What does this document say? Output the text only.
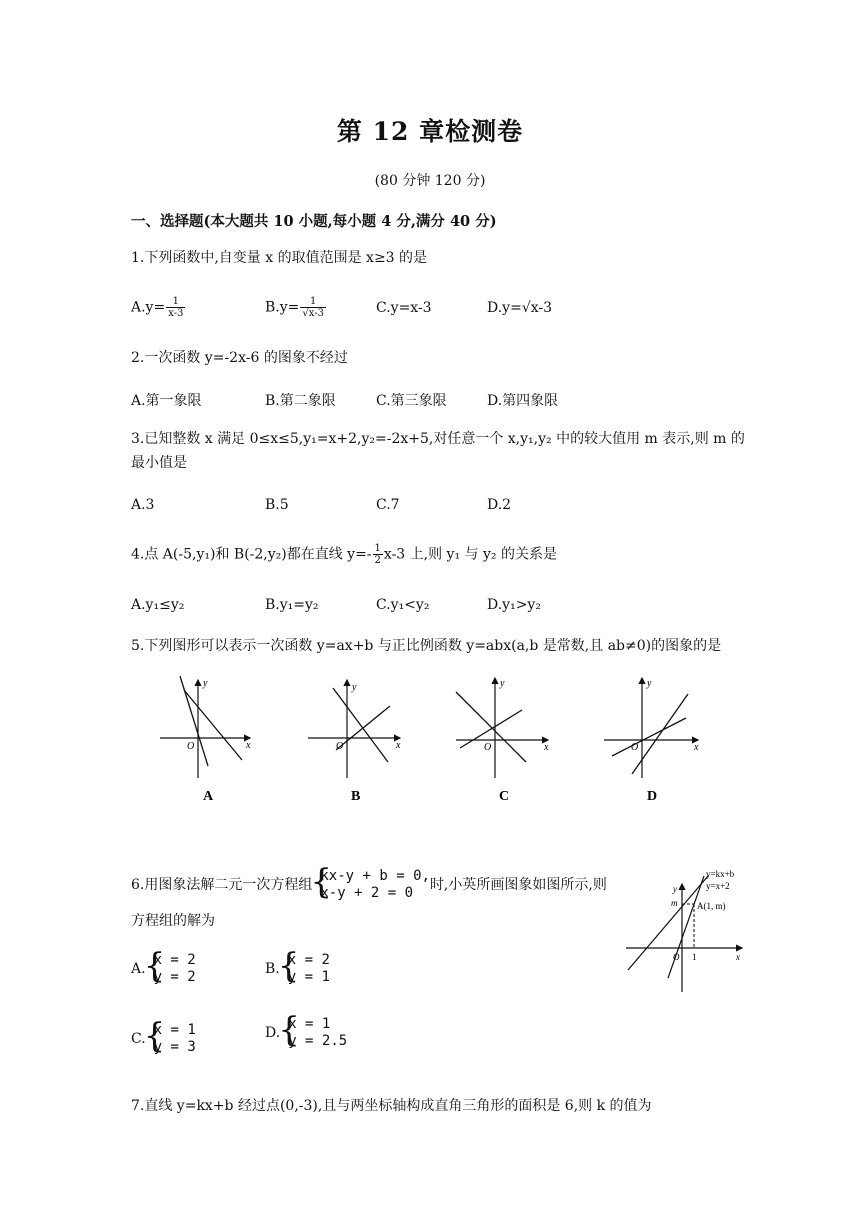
第 12 章检测卷
(80 分钟 120 分)
一、选择题(本大题共 10 小题,每小题 4 分,满分 40 分)
1.下列函数中,自变量 x 的取值范围是 x≥3 的是
$A.y= \frac{1}{x-3}$	$B.y= \frac{1}{√x-3}$	C.y=x-3	D.y=√x-3
2.一次函数 y=-2x-6 的图象不经过
A.第一象限	B.第二象限	C.第三象限	D.第四象限
3.已知整数 x 满足 0≤x≤5,y₁=x+2,y₂=-2x+5,对任意一个 x,y₁,y₂ 中的较大值用 m 表示,则 m 的
最小值是
A.3	B.5	C.7	D.2
4.点 A(-5,y₁)和 B(-2,y₂)都在直线 $y=- \frac{1}{2} x-3$ 上,则 y₁ 与 y₂ 的关系是
A.y₁≤y₂	B.y₁=y₂	C.y₁<y₂	D.y₁>y₂
5.下列图形可以表示一次函数 y=ax+b 与正比例函数 y=abx(a,b 是常数,且 ab≠0)的图象的是
y
x
O
y
x
O
y
x
O
y
x
O
A	B	C	D
6.用图象法解二元一次方程组
{ kx-y + b = 0,
x-y + 2 = 0	时,小英所画图象如图所示,则
方程组的解为
A.
{ x = 2
y = 2	B.
{ x = 2
y = 1
C.
{ x = 1
y = 3
D.
{ x = 1
y = 2.5
y=kx+b
y=x+2
A(1, m)
m
y
1
O	x
7.直线 y=kx+b 经过点(0,-3),且与两坐标轴构成直角三角形的面积是 6,则 k 的值为
